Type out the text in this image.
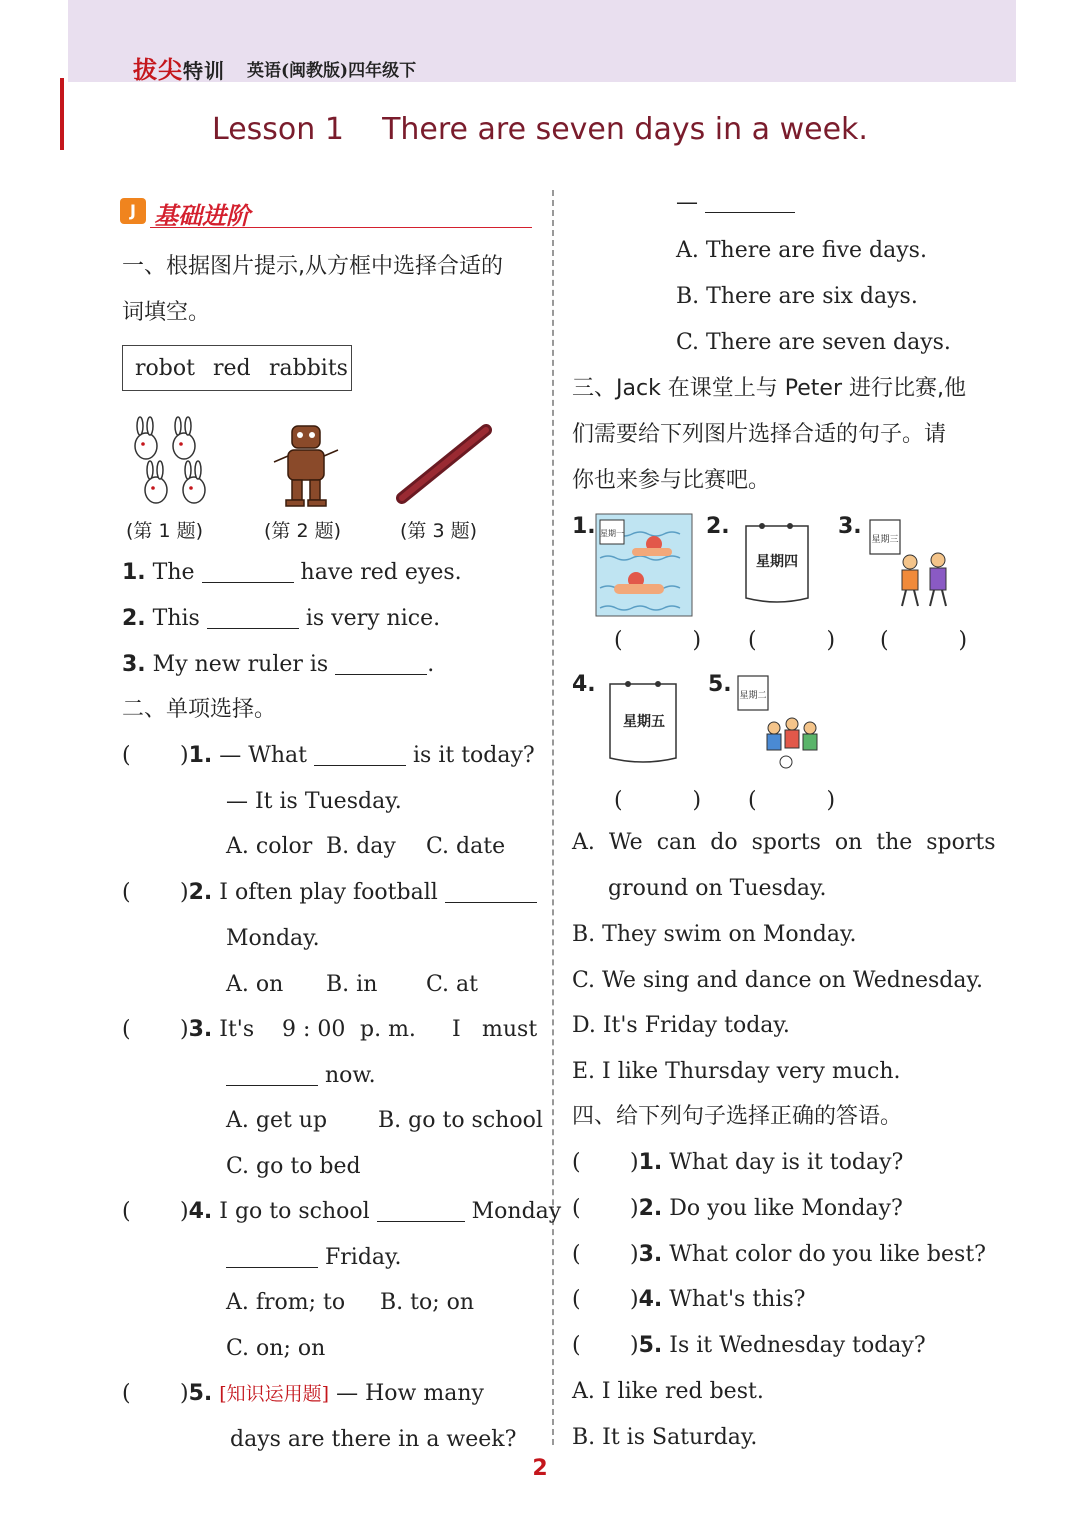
拔尖特训 英语(闽教版)四年级下
Lesson 1    There are seven days in a week.
J 基础进阶
一、根据图片提示,从方框中选择合适的
词填空。
robot red rabbits
(第 1 题)	(第 2 题)	(第 3 题)
1. The	have red eyes.
2. This	is very nice.
3. My new ruler is	.
二、单项选择。
( )1. — What	is it today?
— It is Tuesday.
A. color B. day C. date
( )2. I often play football
Monday.
A. on B. in C. at
( )3. It's 9 : 00 p. m. I must
now.
A. get up B. go to school
C. go to bed
( )4. I go to school	Monday
Friday.
A. from; to B. to; on
C. on; on
( )5. [知识运用题] — How many
days are there in a week?
—
A. There are five days.
B. There are six days.
C. There are seven days.
三、Jack 在课堂上与 Peter 进行比赛,他
们需要给下列图片选择合适的句子。请
你也来参与比赛吧。
1. 星期一	2.
星期四
3.
星期三
(          ) (          ) (          )
4.
星期五
5. 星期二
(          ) (          )
A.  We  can  do  sports  on  the  sports
ground on Tuesday.
B. They swim on Monday.
C. We sing and dance on Wednesday.
D. It's Friday today.
E. I like Thursday very much.
四、给下列句子选择正确的答语。
( )1. What day is it today?
( )2. Do you like Monday?
( )3. What color do you like best?
( )4. What's this?
( )5. Is it Wednesday today?
A. I like red best.
B. It is Saturday.
2
